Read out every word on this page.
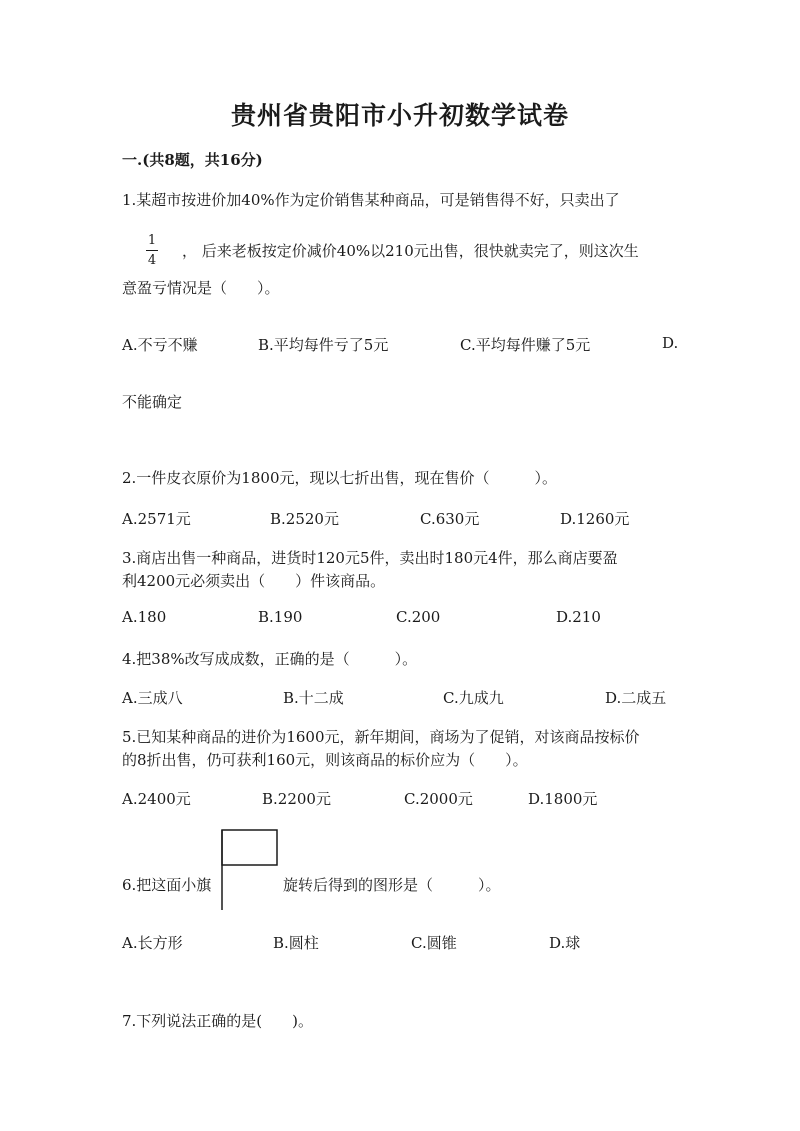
贵州省贵阳市小升初数学试卷
一.(共8题，共16分)
1.某超市按进价加40%作为定价销售某种商品，可是销售得不好，只卖出了
1
4
， 后来老板按定价减价40%以210元出售，很快就卖完了，则这次生
意盈亏情况是（　　）。
A.不亏不赚	B.平均每件亏了5元	C.平均每件赚了5元	D.
不能确定
2.一件皮衣原价为1800元，现以七折出售，现在售价（　　　）。
A.2571元	B.2520元	C.630元	D.1260元
3.商店出售一种商品，进货时120元5件，卖出时180元4件，那么商店要盈
利4200元必须卖出（　　）件该商品。
A.180	B.190	C.200	D.210
4.把38%改写成成数，正确的是（　　　）。
A.三成八	B.十二成	C.九成九	D.二成五
5.已知某种商品的进价为1600元，新年期间，商场为了促销，对该商品按标价
的8折出售，仍可获利160元，则该商品的标价应为（　　）。
A.2400元	B.2200元	C.2000元	D.1800元
6.把这面小旗	旋转后得到的图形是（　　　）。
A.长方形	B.圆柱	C.圆锥	D.球
7.下列说法正确的是(　　)。
